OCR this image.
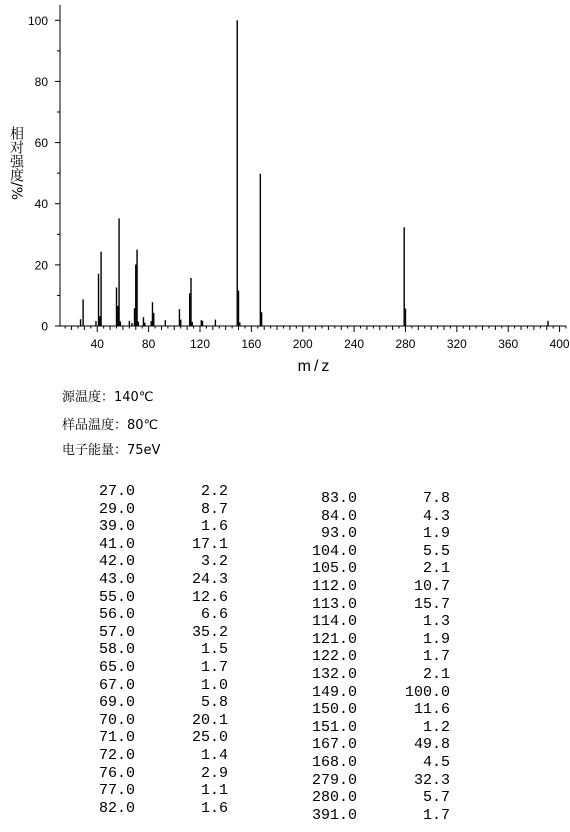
40	80	120	160	200	240	280	320	360	400
0
20
40
60
80
100
相对强度/%
m/z
源温度：140℃
样品温度：80℃
电子能量：75eV
27.0	2.2
29.0	8.7
39.0	1.6
41.0	17.1
42.0	3.2
43.0	24.3
55.0	12.6
56.0	6.6
57.0	35.2
58.0	1.5
65.0	1.7
67.0	1.0
69.0	5.8
70.0	20.1
71.0	25.0
72.0	1.4
76.0	2.9
77.0	1.1
82.0	1.6
83.0	7.8
84.0	4.3
93.0	1.9
104.0	5.5
105.0	2.1
112.0	10.7
113.0	15.7
114.0	1.3
121.0	1.9
122.0	1.7
132.0	2.1
149.0	100.0
150.0	11.6
151.0	1.2
167.0	49.8
168.0	4.5
279.0	32.3
280.0	5.7
391.0	1.7
